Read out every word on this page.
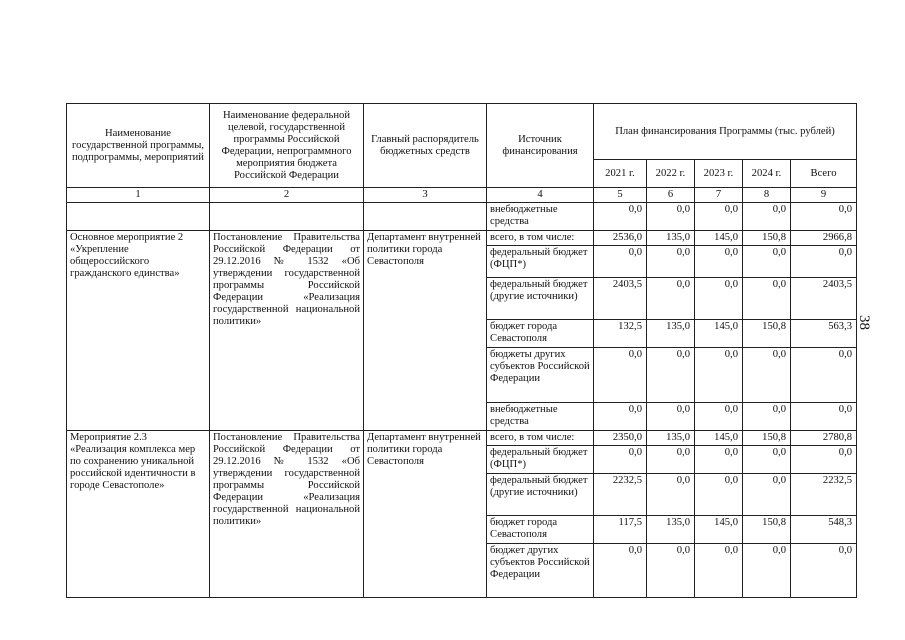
38
Наименование государственной программы, подпрограммы, мероприятий	Наименование федеральной целевой, государственной программы Российской Федерации, непрограммного мероприятия бюджета Российской Федерации	Главный распорядитель бюджетных средств	Источник финансирования	План финансирования Программы (тыс. рублей)				
				2021 г.	2022 г.	2023 г.	2024 г.	Всего
1	2	3	4	5	6	7	8	9
			внебюджетные средства	0,0	0,0	0,0	0,0	0,0
Основное мероприятие 2 «Укрепление общероссийского гражданского единства»	Постановление Правительства Российской Федерации от 29.12.2016 № 1532 «Об утверждении государственной программы Российской Федерации «Реализация государственной национальной политики»	Департамент внутренней политики города Севастополя	всего, в том числе:	2536,0	135,0	145,0	150,8	2966,8
			федеральный бюджет (ФЦП*)	0,0	0,0	0,0	0,0	0,0
			федеральный бюджет (другие источники)	2403,5	0,0	0,0	0,0	2403,5
			бюджет города Севастополя	132,5	135,0	145,0	150,8	563,3
			бюджеты других субъектов Российской Федерации	0,0	0,0	0,0	0,0	0,0
			внебюджетные средства	0,0	0,0	0,0	0,0	0,0
Мероприятие 2.3 «Реализация комплекса мер по сохранению уникальной российской идентичности в городе Севастополе»	Постановление Правительства Российской Федерации от 29.12.2016 № 1532 «Об утверждении государственной программы Российской Федерации «Реализация государственной национальной политики»	Департамент внутренней политики города Севастополя	всего, в том числе:	2350,0	135,0	145,0	150,8	2780,8
			федеральный бюджет (ФЦП*)	0,0	0,0	0,0	0,0	0,0
			федеральный бюджет (другие источники)	2232,5	0,0	0,0	0,0	2232,5
			бюджет города Севастополя	117,5	135,0	145,0	150,8	548,3
			бюджет других субъектов Российской Федерации	0,0	0,0	0,0	0,0	0,0
